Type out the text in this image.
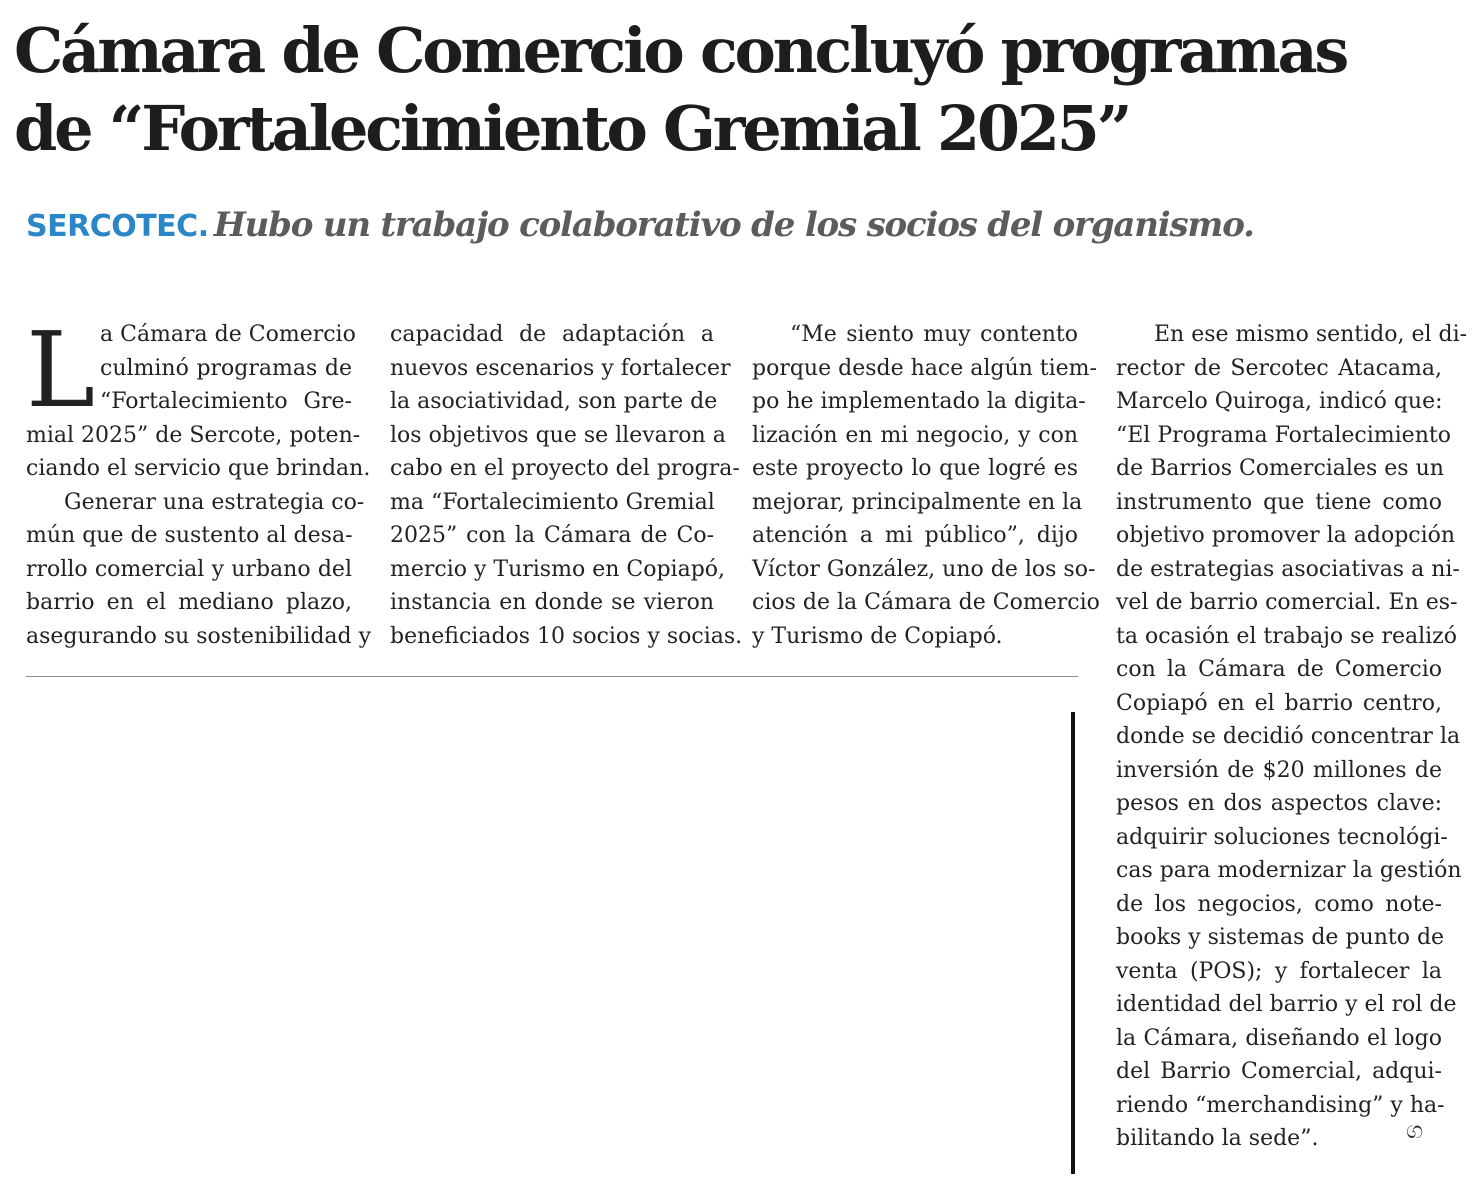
Cámara de Comercio concluyó programas
de “Fortalecimiento Gremial 2025”
SERCOTEC. Hubo un trabajo colaborativo de los socios del organismo.
L a Cámara de Comercio
culminó programas de
“Fortalecimiento Gre-
mial 2025” de Sercote, poten-
ciando el servicio que brindan.
Generar una estrategia co-
mún que de sustento al desa-
rrollo comercial y urbano del
barrio en el mediano plazo,
asegurando su sostenibilidad y
capacidad de adaptación a
nuevos escenarios y fortalecer
la asociatividad, son parte de
los objetivos que se llevaron a
cabo en el proyecto del progra-
ma “Fortalecimiento Gremial
2025” con la Cámara de Co-
mercio y Turismo en Copiapó,
instancia en donde se vieron
beneficiados 10 socios y socias.
“Me siento muy contento
porque desde hace algún tiem-
po he implementado la digita-
lización en mi negocio, y con
este proyecto lo que logré es
mejorar, principalmente en la
atención a mi público”, dijo
Víctor González, uno de los so-
cios de la Cámara de Comercio
y Turismo de Copiapó.
En ese mismo sentido, el di-
rector de Sercotec Atacama,
Marcelo Quiroga, indicó que:
“El Programa Fortalecimiento
de Barrios Comerciales es un
instrumento que tiene como
objetivo promover la adopción
de estrategias asociativas a ni-
vel de barrio comercial. En es-
ta ocasión el trabajo se realizó
con la Cámara de Comercio
Copiapó en el barrio centro,
donde se decidió concentrar la
inversión de $20 millones de
pesos en dos aspectos clave:
adquirir soluciones tecnológi-
cas para modernizar la gestión
de los negocios, como note-
books y sistemas de punto de
venta (POS); y fortalecer la
identidad del barrio y el rol de
la Cámara, diseñando el logo
del Barrio Comercial, adqui-
riendo “merchandising” y ha-
bilitando la sede”.	ග
